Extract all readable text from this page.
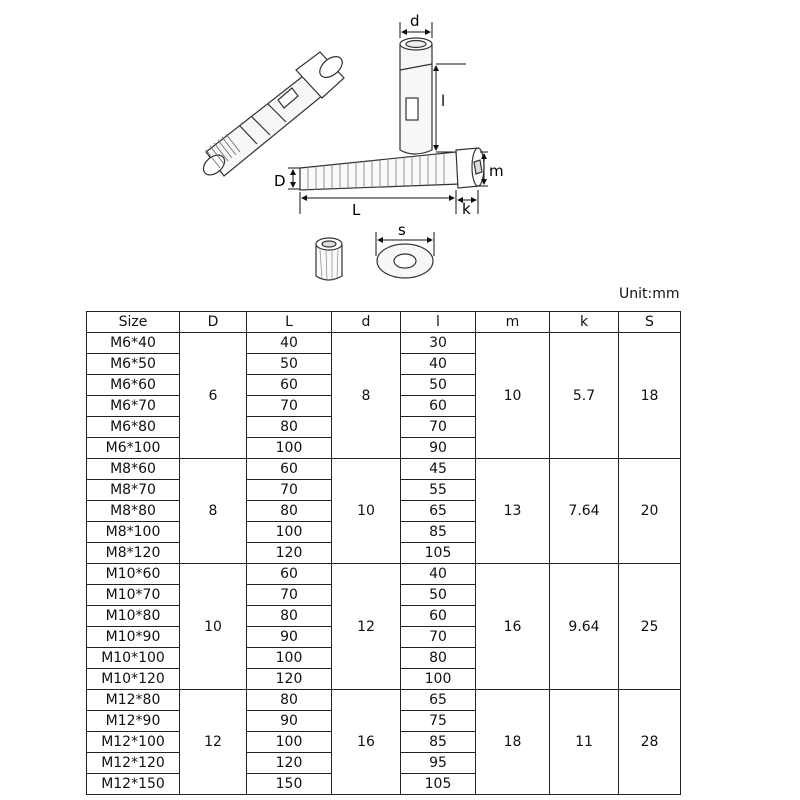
d
l
D
m
L	k
s
Unit:mm
Size	D	L	d	l	m	k	S
M6*40	6	40	8	30	10	5.7	18
M6*50		50		40			
M6*60		60		50			
M6*70		70		60			
M6*80		80		70			
M6*100		100		90			
M8*60	8	60	10	45	13	7.64	20
M8*70		70		55			
M8*80		80		65			
M8*100		100		85			
M8*120		120		105			
M10*60	10	60	12	40	16	9.64	25
M10*70		70		50			
M10*80		80		60			
M10*90		90		70			
M10*100		100		80			
M10*120		120		100			
M12*80	12	80	16	65	18	11	28
M12*90		90		75			
M12*100		100		85			
M12*120		120		95			
M12*150		150		105			
